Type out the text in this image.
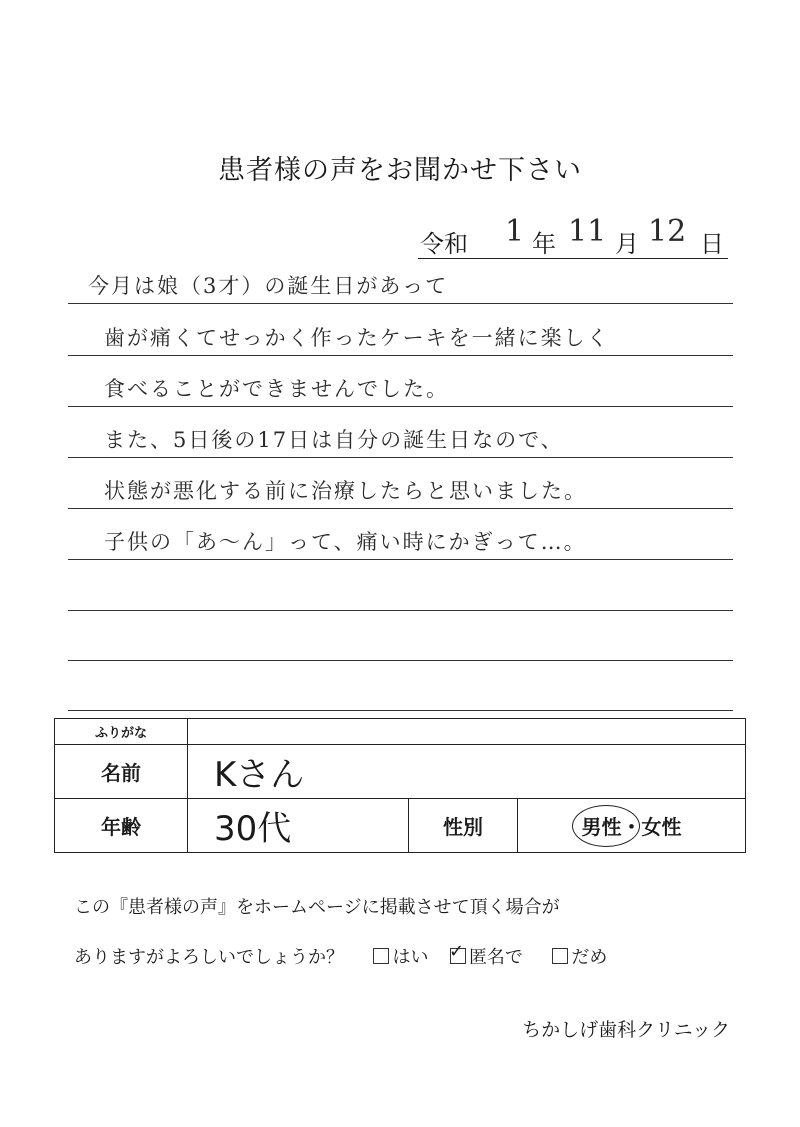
患者様の声をお聞かせ下さい
令和 1 年 11 月 12 日
今月は娘（3才）の誕生日があって
歯が痛くてせっかく作ったケーキを一緒に楽しく
食べることができませんでした。
また、5日後の17日は自分の誕生日なので、
状態が悪化する前に治療したらと思いました。
子供の「あ〜ん」って、痛い時にかぎって…。
ふりがな			
名前	Kさん		
年齢	30代	性別	男性・女性
この『患者様の声』をホームページに掲載させて頂く場合が
ありますがよろしいでしょうか？	はい ✓ 匿名で	だめ
ちかしげ歯科クリニック
